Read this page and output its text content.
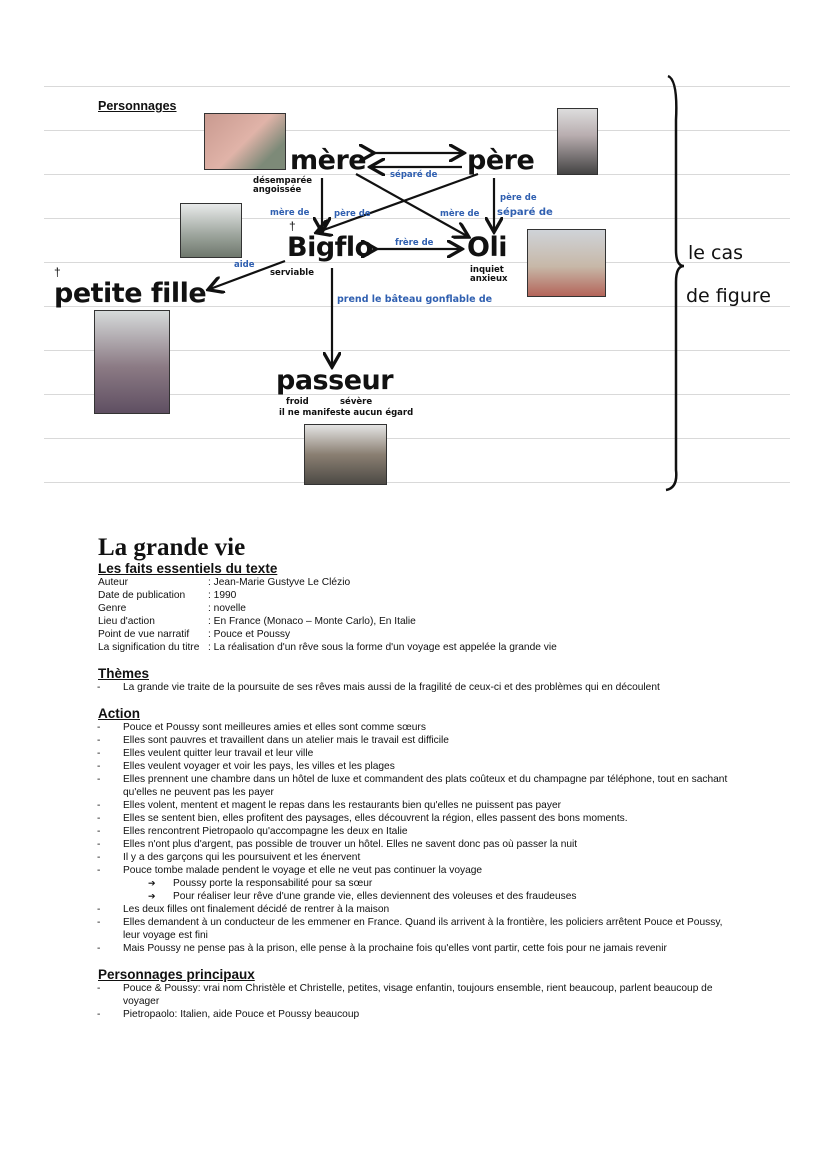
Personnages
mère	père
Bigflo	Oli
petite fille
passeur
séparé de
désemparée
angoissée
mère de	père de	mère de
père de
séparé de
frère de
aide
serviable	inquiet
anxieux
prend le bâteau gonflable de
froid	sévère
il ne manifeste aucun égard
†
†
le cas
de figure
La grande vie
Les faits essentiels du texte
Auteur	: Jean-Marie Gustyve Le Clézio
Date de publication	: 1990
Genre	: novelle
Lieu d'action	: En France (Monaco – Monte Carlo), En Italie
Point de vue narratif	: Pouce et Poussy
La signification du titre : La réalisation d'un rêve sous la forme d'un voyage est appelée la grande vie
Thèmes
- La grande vie traite de la poursuite de ses rêves mais aussi de la fragilité de ceux-ci et des problèmes qui en découlent
Action
- Pouce et Poussy sont meilleures amies et elles sont comme sœurs
- Elles sont pauvres et travaillent dans un atelier mais le travail est difficile
- Elles veulent quitter leur travail et leur ville
- Elles veulent voyager et voir les pays, les villes et les plages
- Elles prennent une chambre dans un hôtel de luxe et commandent des plats coûteux et du champagne par téléphone, tout en sachant qu'elles ne peuvent pas les payer
- Elles volent, mentent et magent le repas dans les restaurants bien qu'elles ne puissent pas payer
- Elles se sentent bien, elles profitent des paysages, elles découvrent la région, elles passent des bons moments.
- Elles rencontrent Pietropaolo qu'accompagne les deux en Italie
- Elles n'ont plus d'argent, pas possible de trouver un hôtel. Elles ne savent donc pas où passer la nuit
- Il y a des garçons qui les poursuivent et les énervent
- Pouce tombe malade pendent le voyage et elle ne veut pas continuer la voyage
➔ Poussy porte la responsabilité pour sa sœur
➔ Pour réaliser leur rêve d'une grande vie, elles deviennent des voleuses et des fraudeuses
- Les deux filles ont finalement décidé de rentrer à la maison
- Elles demandent à un conducteur de les emmener en France. Quand ils arrivent à la frontière, les policiers arrêtent Pouce et Poussy, leur voyage est fini
- Mais Poussy ne pense pas à la prison, elle pense à la prochaine fois qu'elles vont partir, cette fois pour ne jamais revenir
Personnages principaux
- Pouce & Poussy: vrai nom Christèle et Christelle, petites, visage enfantin, toujours ensemble, rient beaucoup, parlent beaucoup de voyager
- Pietropaolo: Italien, aide Pouce et Poussy beaucoup
